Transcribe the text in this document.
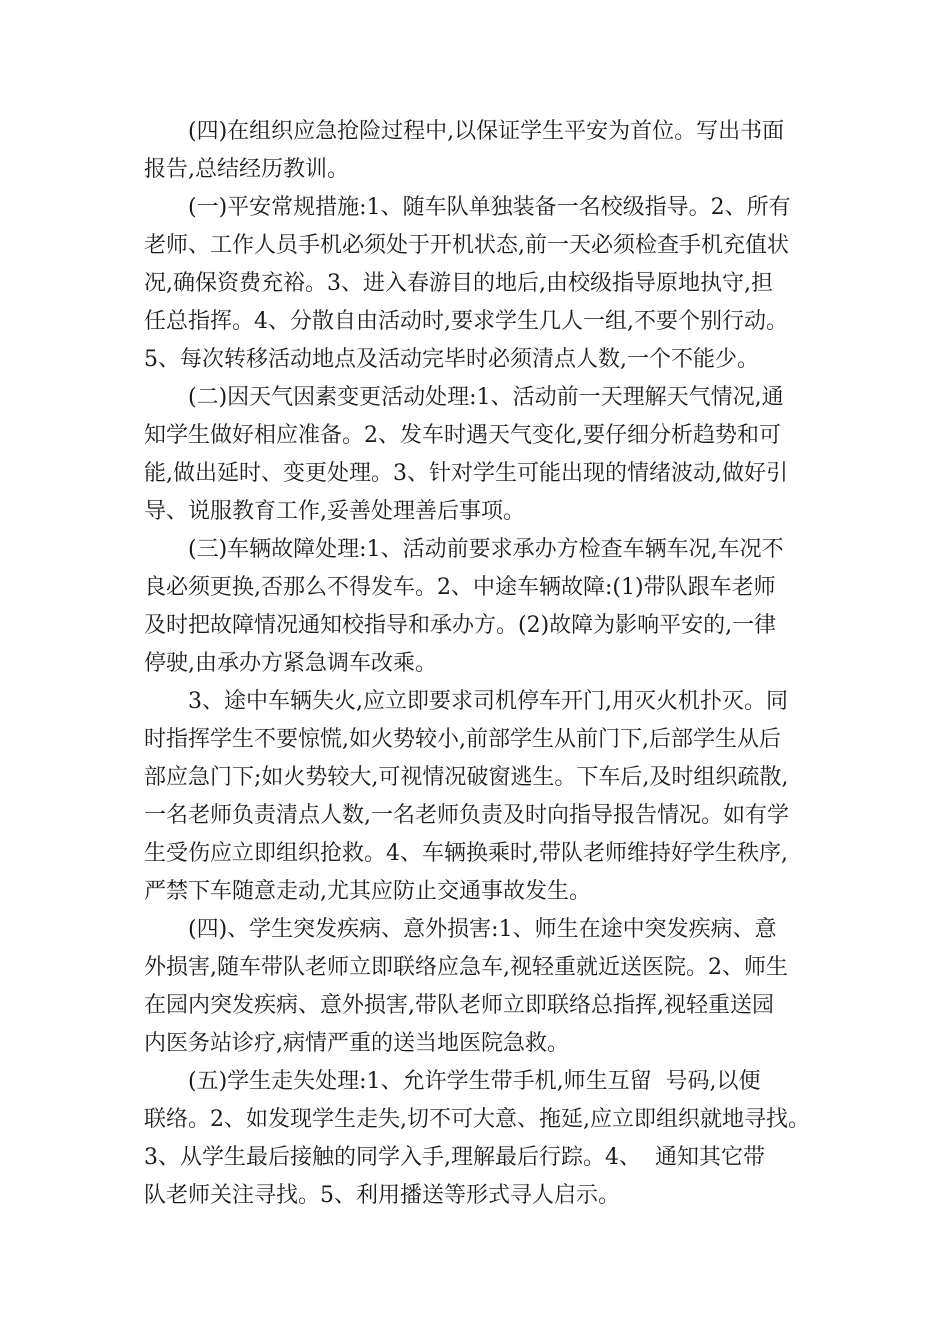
(四)在组织应急抢险过程中,以保证学生平安为首位。写出书面
报告,总结经历教训。
(一)平安常规措施:1、随车队单独装备一名校级指导。2、所有
老师、工作人员手机必须处于开机状态,前一天必须检查手机充值状
况,确保资费充裕。3、进入春游目的地后,由校级指导原地执守,担
任总指挥。4、分散自由活动时,要求学生几人一组,不要个别行动。
5、每次转移活动地点及活动完毕时必须清点人数,一个不能少。
(二)因天气因素变更活动处理:1、活动前一天理解天气情况,通
知学生做好相应准备。2、发车时遇天气变化,要仔细分析趋势和可
能,做出延时、变更处理。3、针对学生可能出现的情绪波动,做好引
导、说服教育工作,妥善处理善后事项。
(三)车辆故障处理:1、活动前要求承办方检查车辆车况,车况不
良必须更换,否那么不得发车。2、中途车辆故障:(1)带队跟车老师
及时把故障情况通知校指导和承办方。(2)故障为影响平安的,一律
停驶,由承办方紧急调车改乘。
3、途中车辆失火,应立即要求司机停车开门,用灭火机扑灭。同
时指挥学生不要惊慌,如火势较小,前部学生从前门下,后部学生从后
部应急门下;如火势较大,可视情况破窗逃生。下车后,及时组织疏散,
一名老师负责清点人数,一名老师负责及时向指导报告情况。如有学
生受伤应立即组织抢救。4、车辆换乘时,带队老师维持好学生秩序,
严禁下车随意走动,尤其应防止交通事故发生。
(四)、学生突发疾病、意外损害:1、师生在途中突发疾病、意
外损害,随车带队老师立即联络应急车,视轻重就近送医院。2、师生
在园内突发疾病、意外损害,带队老师立即联络总指挥,视轻重送园
内医务站诊疗,病情严重的送当地医院急救。
(五)学生走失处理:1、允许学生带手机,师生互留  号码,以便
联络。2、如发现学生走失,切不可大意、拖延,应立即组织就地寻找。
3、从学生最后接触的同学入手,理解最后行踪。4、  通知其它带
队老师关注寻找。5、利用播送等形式寻人启示。
